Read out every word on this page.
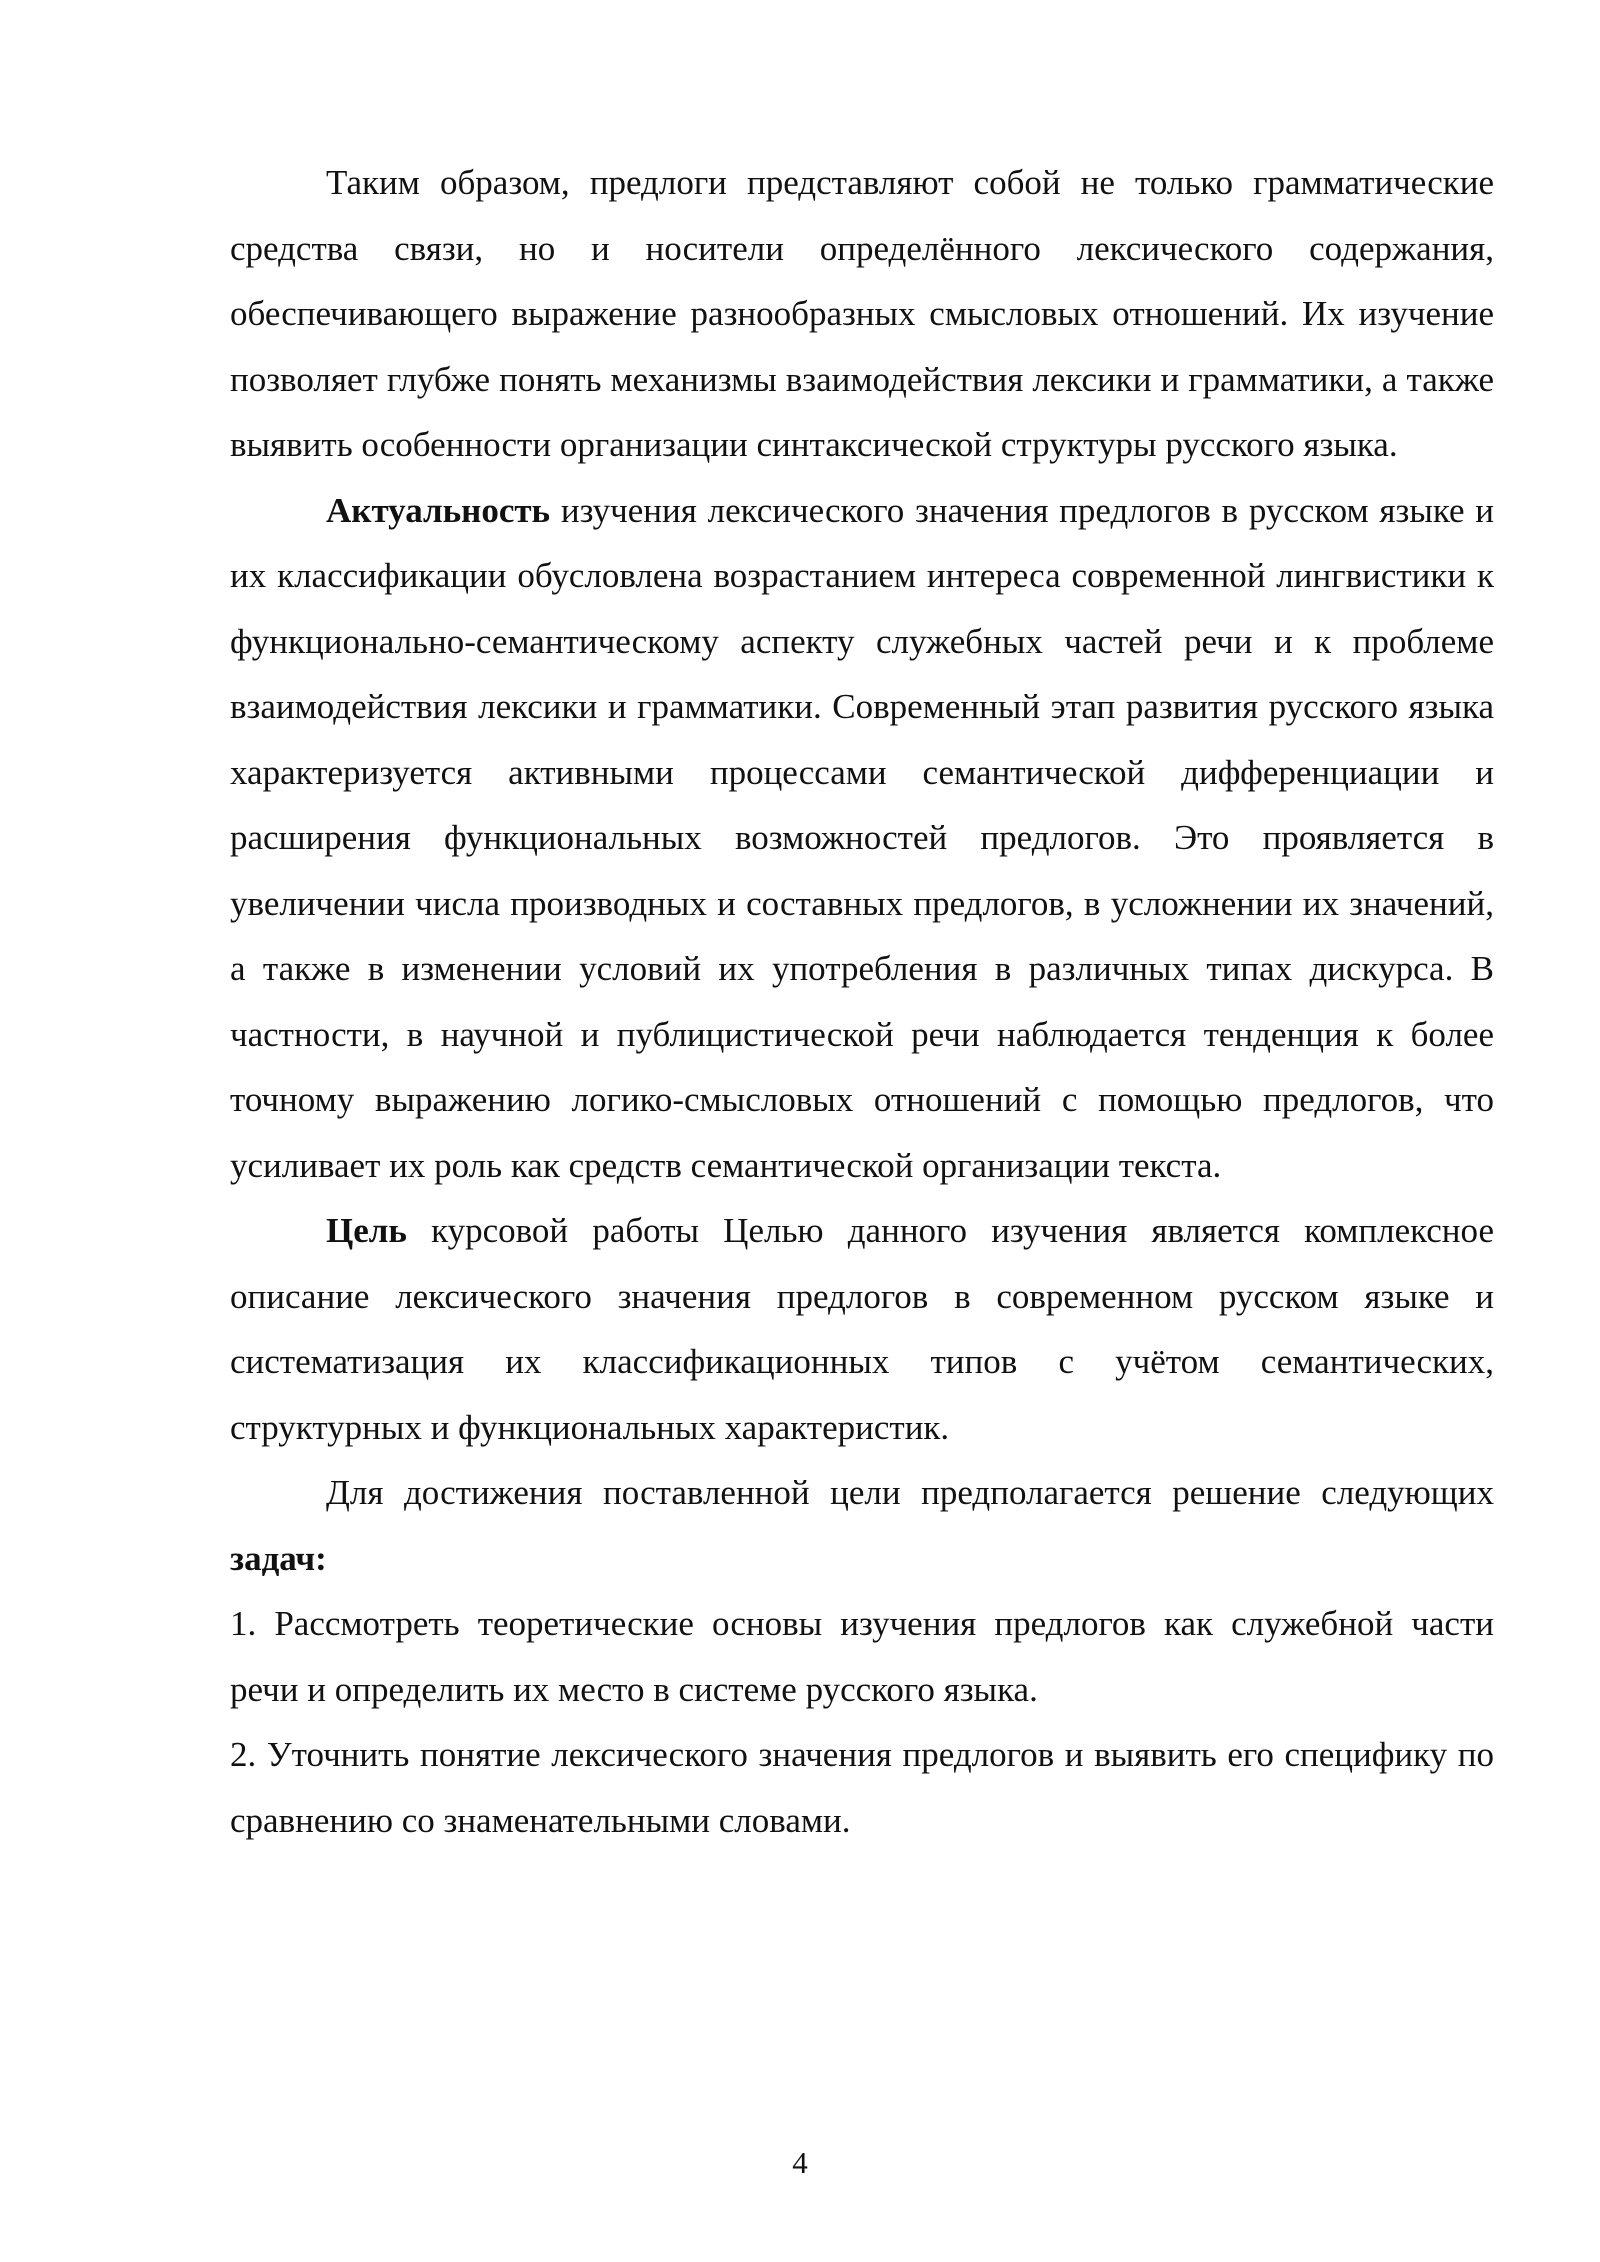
Таким образом, предлоги представляют собой не только грамматические средства связи, но и носители определённого лексического содержания, обеспечивающего выражение разнообразных смысловых отношений. Их изучение позволяет глубже понять механизмы взаимодействия лексики и грамматики, а также выявить особенности организации синтаксической структуры русского языка.

Актуальность изучения лексического значения предлогов в русском языке и их классификации обусловлена возрастанием интереса современной лингвистики к функционально-семантическому аспекту служебных частей речи и к проблеме взаимодействия лексики и грамматики. Современный этап развития русского языка характеризуется активными процессами семантической дифференциации и расширения функциональных возможностей предлогов. Это проявляется в увеличении числа производных и составных предлогов, в усложнении их значений, а также в изменении условий их употребления в различных типах дискурса. В частности, в научной и публицистической речи наблюдается тенденция к более точному выражению логико-смысловых отношений с помощью предлогов, что усиливает их роль как средств семантической организации текста.

Цель курсовой работы Целью данного изучения является комплексное описание лексического значения предлогов в современном русском языке и систематизация их классификационных типов с учётом семантических, структурных и функциональных характеристик.

Для достижения поставленной цели предполагается решение следующих задач:

1. Рассмотреть теоретические основы изучения предлогов как служебной части речи и определить их место в системе русского языка.

2. Уточнить понятие лексического значения предлогов и выявить его специфику по сравнению со знаменательными словами.

4
